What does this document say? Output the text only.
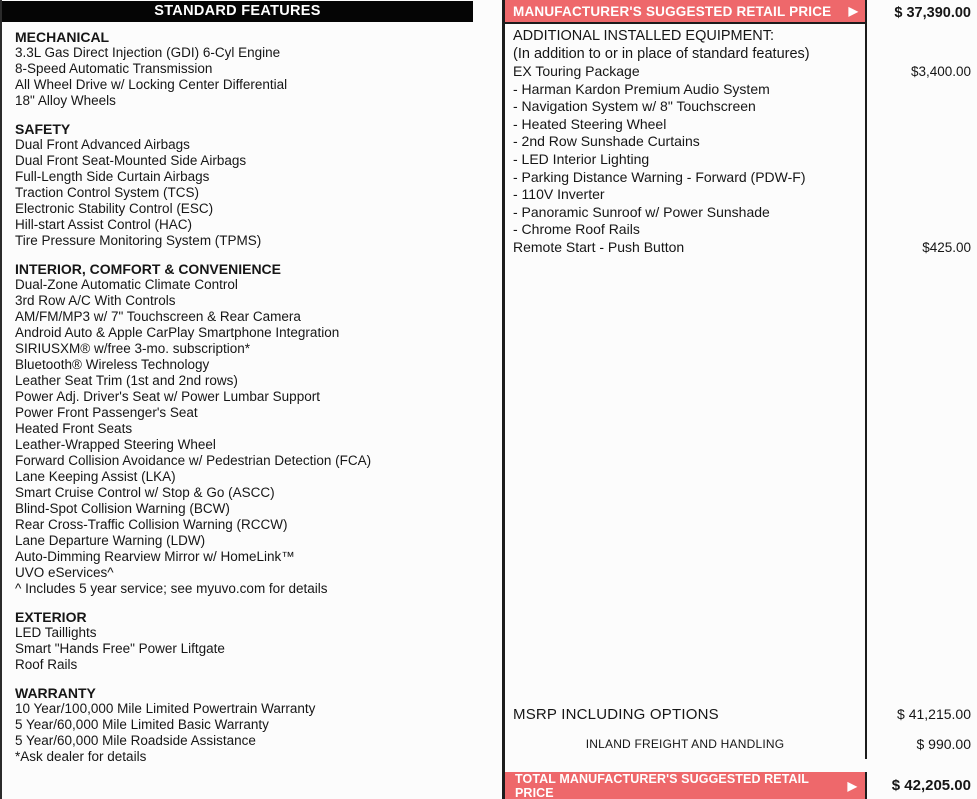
STANDARD FEATURES
MECHANICAL
3.3L Gas Direct Injection (GDI) 6-Cyl Engine
8-Speed Automatic Transmission
All Wheel Drive w/ Locking Center Differential
18" Alloy Wheels
SAFETY
Dual Front Advanced Airbags
Dual Front Seat-Mounted Side Airbags
Full-Length Side Curtain Airbags
Traction Control System (TCS)
Electronic Stability Control (ESC)
Hill-start Assist Control (HAC)
Tire Pressure Monitoring System (TPMS)
INTERIOR, COMFORT & CONVENIENCE
Dual-Zone Automatic Climate Control
3rd Row A/C With Controls
AM/FM/MP3 w/ 7" Touchscreen & Rear Camera
Android Auto & Apple CarPlay Smartphone Integration
SIRIUSXM® w/free 3-mo. subscription*
Bluetooth® Wireless Technology
Leather Seat Trim (1st and 2nd rows)
Power Adj. Driver's Seat w/ Power Lumbar Support
Power Front Passenger's Seat
Heated Front Seats
Leather-Wrapped Steering Wheel
Forward Collision Avoidance w/ Pedestrian Detection (FCA)
Lane Keeping Assist (LKA)
Smart Cruise Control w/ Stop & Go (ASCC)
Blind-Spot Collision Warning (BCW)
Rear Cross-Traffic Collision Warning (RCCW)
Lane Departure Warning (LDW)
Auto-Dimming Rearview Mirror w/ HomeLink™
UVO eServices^
^ Includes 5 year service; see myuvo.com for details
EXTERIOR
LED Taillights
Smart "Hands Free" Power Liftgate
Roof Rails
WARRANTY
10 Year/100,000 Mile Limited Powertrain Warranty
5 Year/60,000 Mile Limited Basic Warranty
5 Year/60,000 Mile Roadside Assistance
*Ask dealer for details
MANUFACTURER'S SUGGESTED RETAIL PRICE ▶	$ 37,390.00
ADDITIONAL INSTALLED EQUIPMENT:
(In addition to or in place of standard features)
EX Touring Package	$3,400.00
- Harman Kardon Premium Audio System
- Navigation System w/ 8" Touchscreen
- Heated Steering Wheel
- 2nd Row Sunshade Curtains
- LED Interior Lighting
- Parking Distance Warning - Forward (PDW-F)
- 110V Inverter
- Panoramic Sunroof w/ Power Sunshade
- Chrome Roof Rails
Remote Start - Push Button	$425.00
MSRP INCLUDING OPTIONS	$ 41,215.00
INLAND FREIGHT AND HANDLING	$ 990.00
TOTAL MANUFACTURER'S SUGGESTED RETAIL PRICE	▶	$ 42,205.00
